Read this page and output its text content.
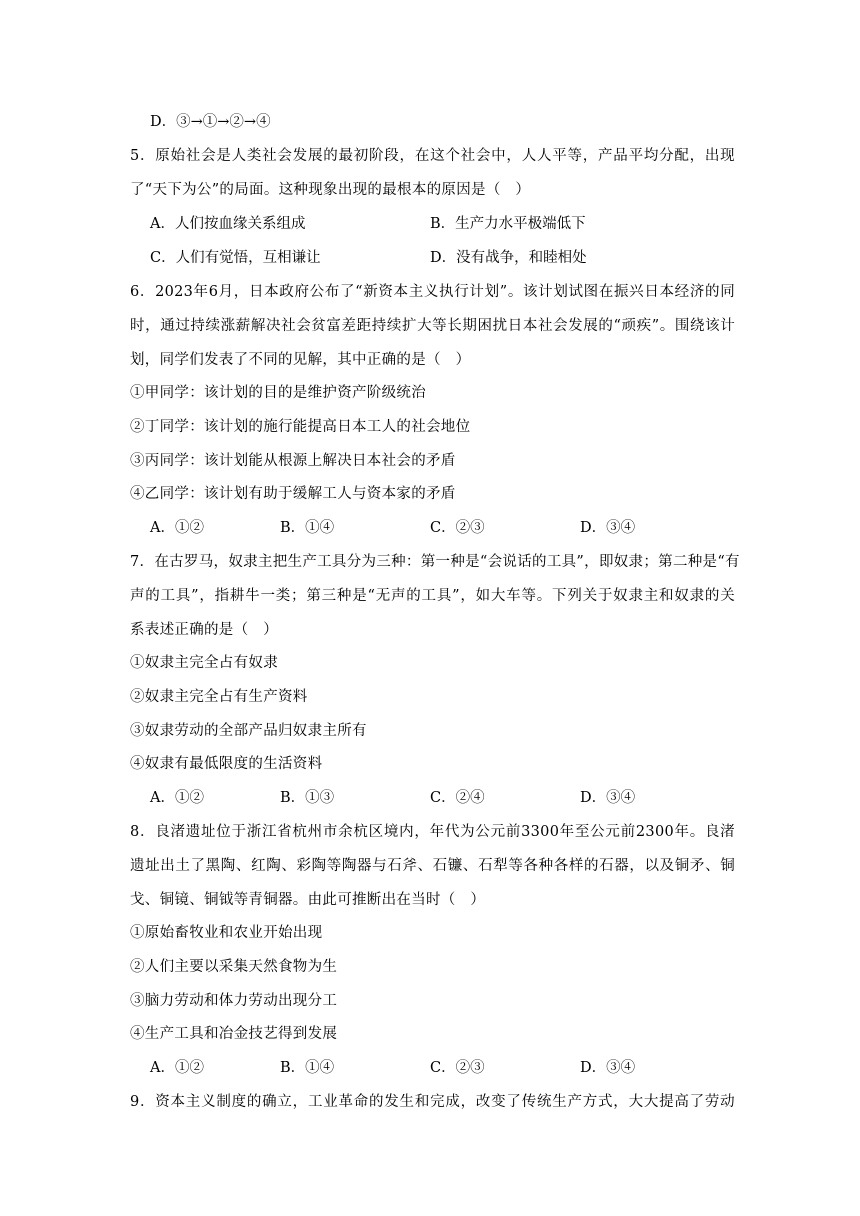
D．③→①→②→④
5．原始社会是人类社会发展的最初阶段，在这个社会中，人人平等，产品平均分配，出现
了“天下为公”的局面。这种现象出现的最根本的原因是（　）
A．人们按血缘关系组成	B．生产力水平极端低下
C．人们有觉悟，互相谦让	D．没有战争，和睦相处
6．2023年6月，日本政府公布了“新资本主义执行计划”。该计划试图在振兴日本经济的同
时，通过持续涨薪解决社会贫富差距持续扩大等长期困扰日本社会发展的“顽疾”。围绕该计
划，同学们发表了不同的见解，其中正确的是（　）
①甲同学：该计划的目的是维护资产阶级统治
②丁同学：该计划的施行能提高日本工人的社会地位
③丙同学：该计划能从根源上解决日本社会的矛盾
④乙同学：该计划有助于缓解工人与资本家的矛盾
A．①②	B．①④	C．②③	D．③④
7．在古罗马，奴隶主把生产工具分为三种：第一种是“会说话的工具”，即奴隶；第二种是“有
声的工具”，指耕牛一类；第三种是“无声的工具”，如大车等。下列关于奴隶主和奴隶的关
系表述正确的是（　）
①奴隶主完全占有奴隶
②奴隶主完全占有生产资料
③奴隶劳动的全部产品归奴隶主所有
④奴隶有最低限度的生活资料
A．①②	B．①③	C．②④	D．③④
8．良渚遗址位于浙江省杭州市余杭区境内，年代为公元前3300年至公元前2300年。良渚
遗址出土了黑陶、红陶、彩陶等陶器与石斧、石镰、石犁等各种各样的石器，以及铜矛、铜
戈、铜镜、铜钺等青铜器。由此可推断出在当时（　）
①原始畜牧业和农业开始出现
②人们主要以采集天然食物为生
③脑力劳动和体力劳动出现分工
④生产工具和冶金技艺得到发展
A．①②	B．①④	C．②③	D．③④
9．资本主义制度的确立，工业革命的发生和完成，改变了传统生产方式，大大提高了劳动
